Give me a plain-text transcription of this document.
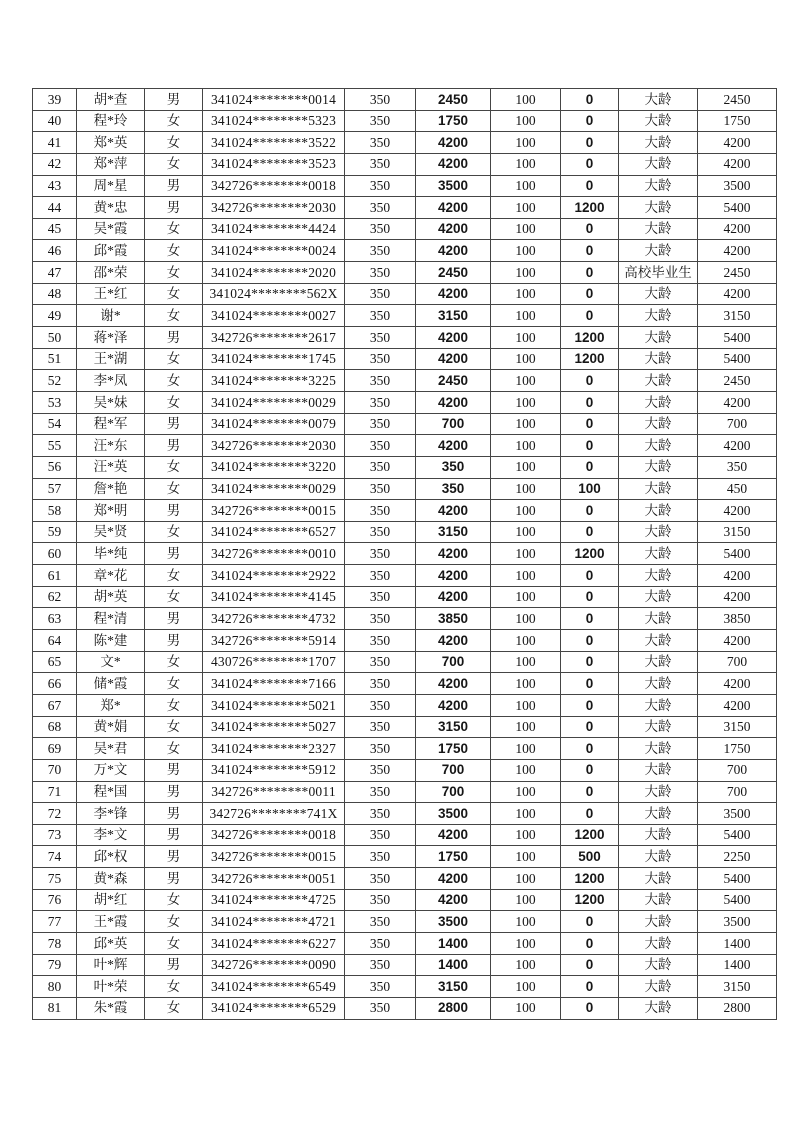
39	胡*查	男	341024********0014	350	2450	100	0	大龄	2450
40	程*玲	女	341024********5323	350	1750	100	0	大龄	1750
41	郑*英	女	341024********3522	350	4200	100	0	大龄	4200
42	郑*萍	女	341024********3523	350	4200	100	0	大龄	4200
43	周*星	男	342726********0018	350	3500	100	0	大龄	3500
44	黄*忠	男	342726********2030	350	4200	100	1200	大龄	5400
45	吴*霞	女	341024********4424	350	4200	100	0	大龄	4200
46	邱*霞	女	341024********0024	350	4200	100	0	大龄	4200
47	邵*荣	女	341024********2020	350	2450	100	0	高校毕业生	2450
48	王*红	女	341024********562X	350	4200	100	0	大龄	4200
49	谢*	女	341024********0027	350	3150	100	0	大龄	3150
50	蒋*泽	男	342726********2617	350	4200	100	1200	大龄	5400
51	王*湖	女	341024********1745	350	4200	100	1200	大龄	5400
52	李*凤	女	341024********3225	350	2450	100	0	大龄	2450
53	吴*妹	女	341024********0029	350	4200	100	0	大龄	4200
54	程*军	男	341024********0079	350	700	100	0	大龄	700
55	汪*东	男	342726********2030	350	4200	100	0	大龄	4200
56	汪*英	女	341024********3220	350	350	100	0	大龄	350
57	詹*艳	女	341024********0029	350	350	100	100	大龄	450
58	郑*明	男	342726********0015	350	4200	100	0	大龄	4200
59	吴*贤	女	341024********6527	350	3150	100	0	大龄	3150
60	毕*纯	男	342726********0010	350	4200	100	1200	大龄	5400
61	章*花	女	341024********2922	350	4200	100	0	大龄	4200
62	胡*英	女	341024********4145	350	4200	100	0	大龄	4200
63	程*清	男	342726********4732	350	3850	100	0	大龄	3850
64	陈*建	男	342726********5914	350	4200	100	0	大龄	4200
65	文*	女	430726********1707	350	700	100	0	大龄	700
66	储*霞	女	341024********7166	350	4200	100	0	大龄	4200
67	郑*	女	341024********5021	350	4200	100	0	大龄	4200
68	黄*娟	女	341024********5027	350	3150	100	0	大龄	3150
69	吴*君	女	341024********2327	350	1750	100	0	大龄	1750
70	万*文	男	341024********5912	350	700	100	0	大龄	700
71	程*国	男	342726********0011	350	700	100	0	大龄	700
72	李*锋	男	342726********741X	350	3500	100	0	大龄	3500
73	李*文	男	342726********0018	350	4200	100	1200	大龄	5400
74	邱*权	男	342726********0015	350	1750	100	500	大龄	2250
75	黄*森	男	342726********0051	350	4200	100	1200	大龄	5400
76	胡*红	女	341024********4725	350	4200	100	1200	大龄	5400
77	王*霞	女	341024********4721	350	3500	100	0	大龄	3500
78	邱*英	女	341024********6227	350	1400	100	0	大龄	1400
79	叶*辉	男	342726********0090	350	1400	100	0	大龄	1400
80	叶*荣	女	341024********6549	350	3150	100	0	大龄	3150
81	朱*霞	女	341024********6529	350	2800	100	0	大龄	2800
